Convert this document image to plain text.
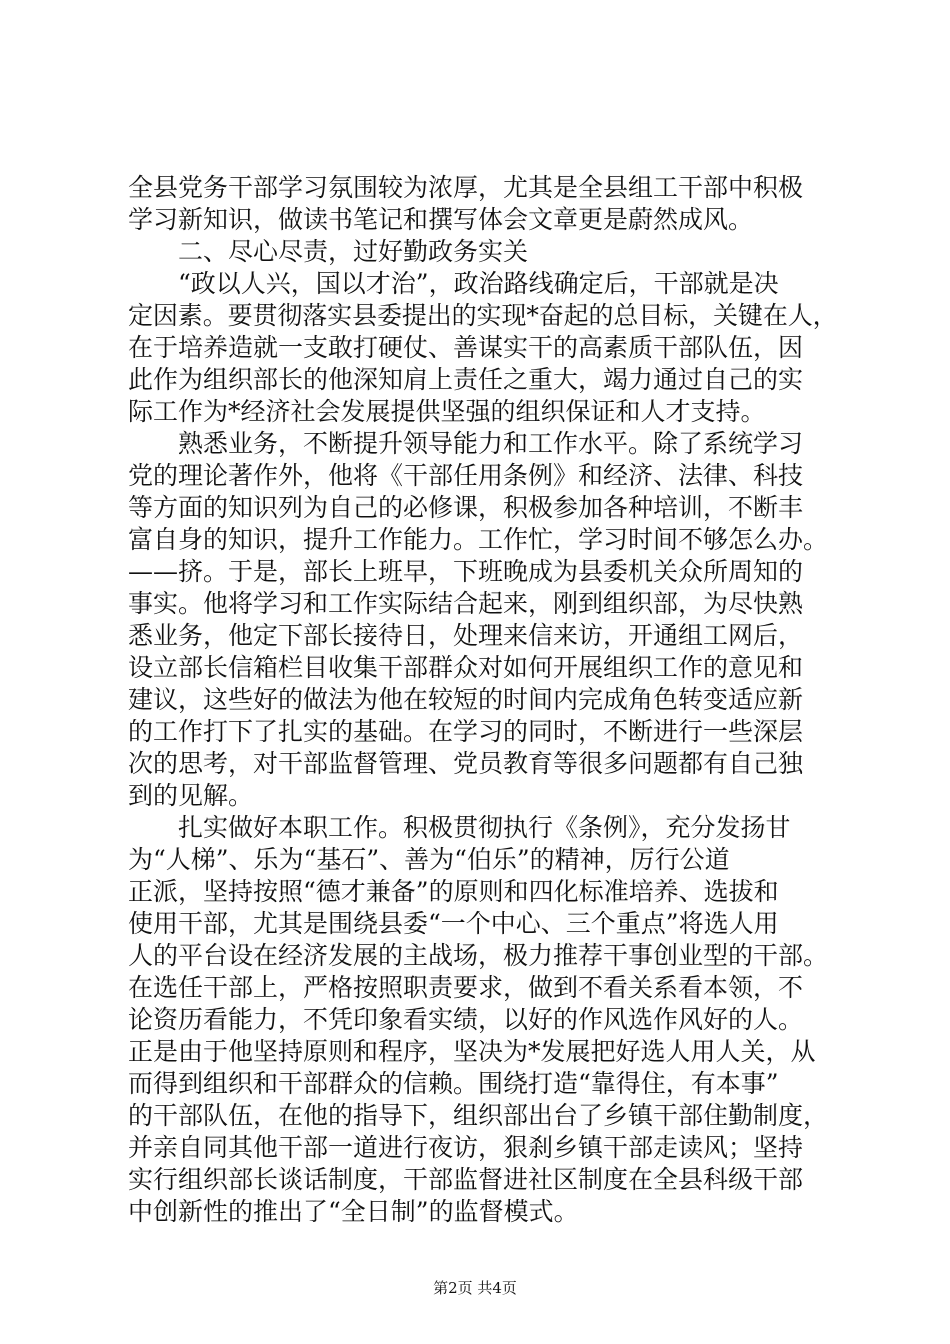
全县党务干部学习氛围较为浓厚，尤其是全县组工干部中积极
学习新知识，做读书笔记和撰写体会文章更是蔚然成风。
　　二、尽心尽责，过好勤政务实关
　　“政以人兴，国以才治”，政治路线确定后，干部就是决
定因素。要贯彻落实县委提出的实现*奋起的总目标，关键在人，
在于培养造就一支敢打硬仗、善谋实干的高素质干部队伍，因
此作为组织部长的他深知肩上责任之重大，竭力通过自己的实
际工作为*经济社会发展提供坚强的组织保证和人才支持。
　　熟悉业务，不断提升领导能力和工作水平。除了系统学习
党的理论著作外，他将《干部任用条例》和经济、法律、科技
等方面的知识列为自己的必修课，积极参加各种培训，不断丰
富自身的知识，提升工作能力。工作忙，学习时间不够怎么办。
——挤。于是，部长上班早，下班晚成为县委机关众所周知的
事实。他将学习和工作实际结合起来，刚到组织部，为尽快熟
悉业务，他定下部长接待日，处理来信来访，开通组工网后，
设立部长信箱栏目收集干部群众对如何开展组织工作的意见和
建议，这些好的做法为他在较短的时间内完成角色转变适应新
的工作打下了扎实的基础。在学习的同时，不断进行一些深层
次的思考，对干部监督管理、党员教育等很多问题都有自己独
到的见解。
　　扎实做好本职工作。积极贯彻执行《条例》，充分发扬甘
为“人梯”、乐为“基石”、善为“伯乐”的精神，厉行公道
正派，坚持按照“德才兼备”的原则和四化标准培养、选拔和
使用干部，尤其是围绕县委“一个中心、三个重点”将选人用
人的平台设在经济发展的主战场，极力推荐干事创业型的干部。
在选任干部上，严格按照职责要求，做到不看关系看本领，不
论资历看能力，不凭印象看实绩，以好的作风选作风好的人。
正是由于他坚持原则和程序，坚决为*发展把好选人用人关，从
而得到组织和干部群众的信赖。围绕打造“靠得住，有本事”
的干部队伍，在他的指导下，组织部出台了乡镇干部住勤制度，
并亲自同其他干部一道进行夜访，狠刹乡镇干部走读风；坚持
实行组织部长谈话制度，干部监督进社区制度在全县科级干部
中创新性的推出了“全日制”的监督模式。
第2页 共4页
